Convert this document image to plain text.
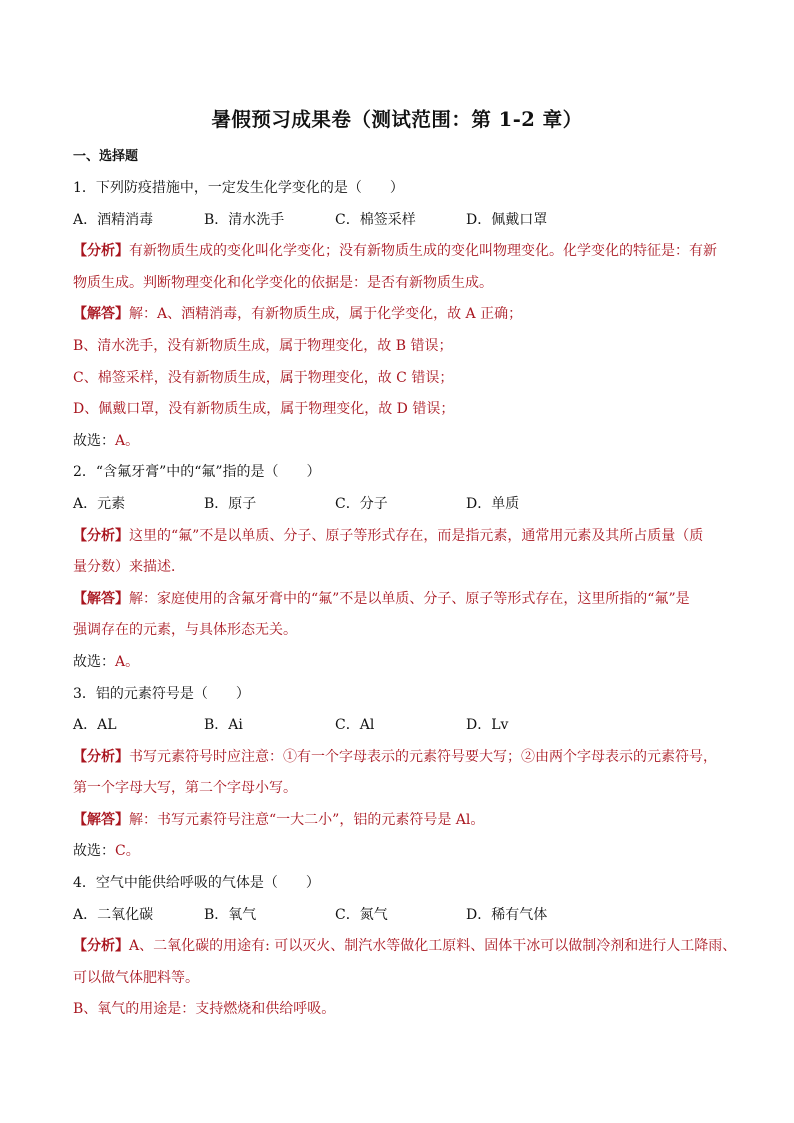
暑假预习成果卷（测试范围：第 1-2 章）
一、选择题
1．下列防疫措施中，一定发生化学变化的是（　　）
A．酒精消毒	B．清水洗手	C．棉签采样	D．佩戴口罩
【分析】有新物质生成的变化叫化学变化；没有新物质生成的变化叫物理变化。化学变化的特征是：有新
物质生成。判断物理变化和化学变化的依据是：是否有新物质生成。
【解答】解：A、酒精消毒，有新物质生成，属于化学变化，故 A 正确；
B、清水洗手，没有新物质生成，属于物理变化，故 B 错误；
C、棉签采样，没有新物质生成，属于物理变化，故 C 错误；
D、佩戴口罩，没有新物质生成，属于物理变化，故 D 错误；
故选：A。
2．“含氟牙膏”中的“氟”指的是（　　）
A．元素	B．原子	C．分子	D．单质
【分析】这里的“氟”不是以单质、分子、原子等形式存在，而是指元素，通常用元素及其所占质量（质
量分数）来描述．
【解答】解：家庭使用的含氟牙膏中的“氟”不是以单质、分子、原子等形式存在，这里所指的“氟”是
强调存在的元素，与具体形态无关。
故选：A。
3．铝的元素符号是（　　）
A．AL	B．Ai	C．Al	D．Lv
【分析】书写元素符号时应注意：①有一个字母表示的元素符号要大写；②由两个字母表示的元素符号，
第一个字母大写，第二个字母小写。
【解答】解：书写元素符号注意“一大二小”，铝的元素符号是 Al。
故选：C。
4．空气中能供给呼吸的气体是（　　）
A．二氧化碳	B．氧气	C．氮气	D．稀有气体
【分析】A、二氧化碳的用途有: 可以灭火、制汽水等做化工原料、固体干冰可以做制冷剂和进行人工降雨、
可以做气体肥料等。
B、氧气的用途是：支持燃烧和供给呼吸。
